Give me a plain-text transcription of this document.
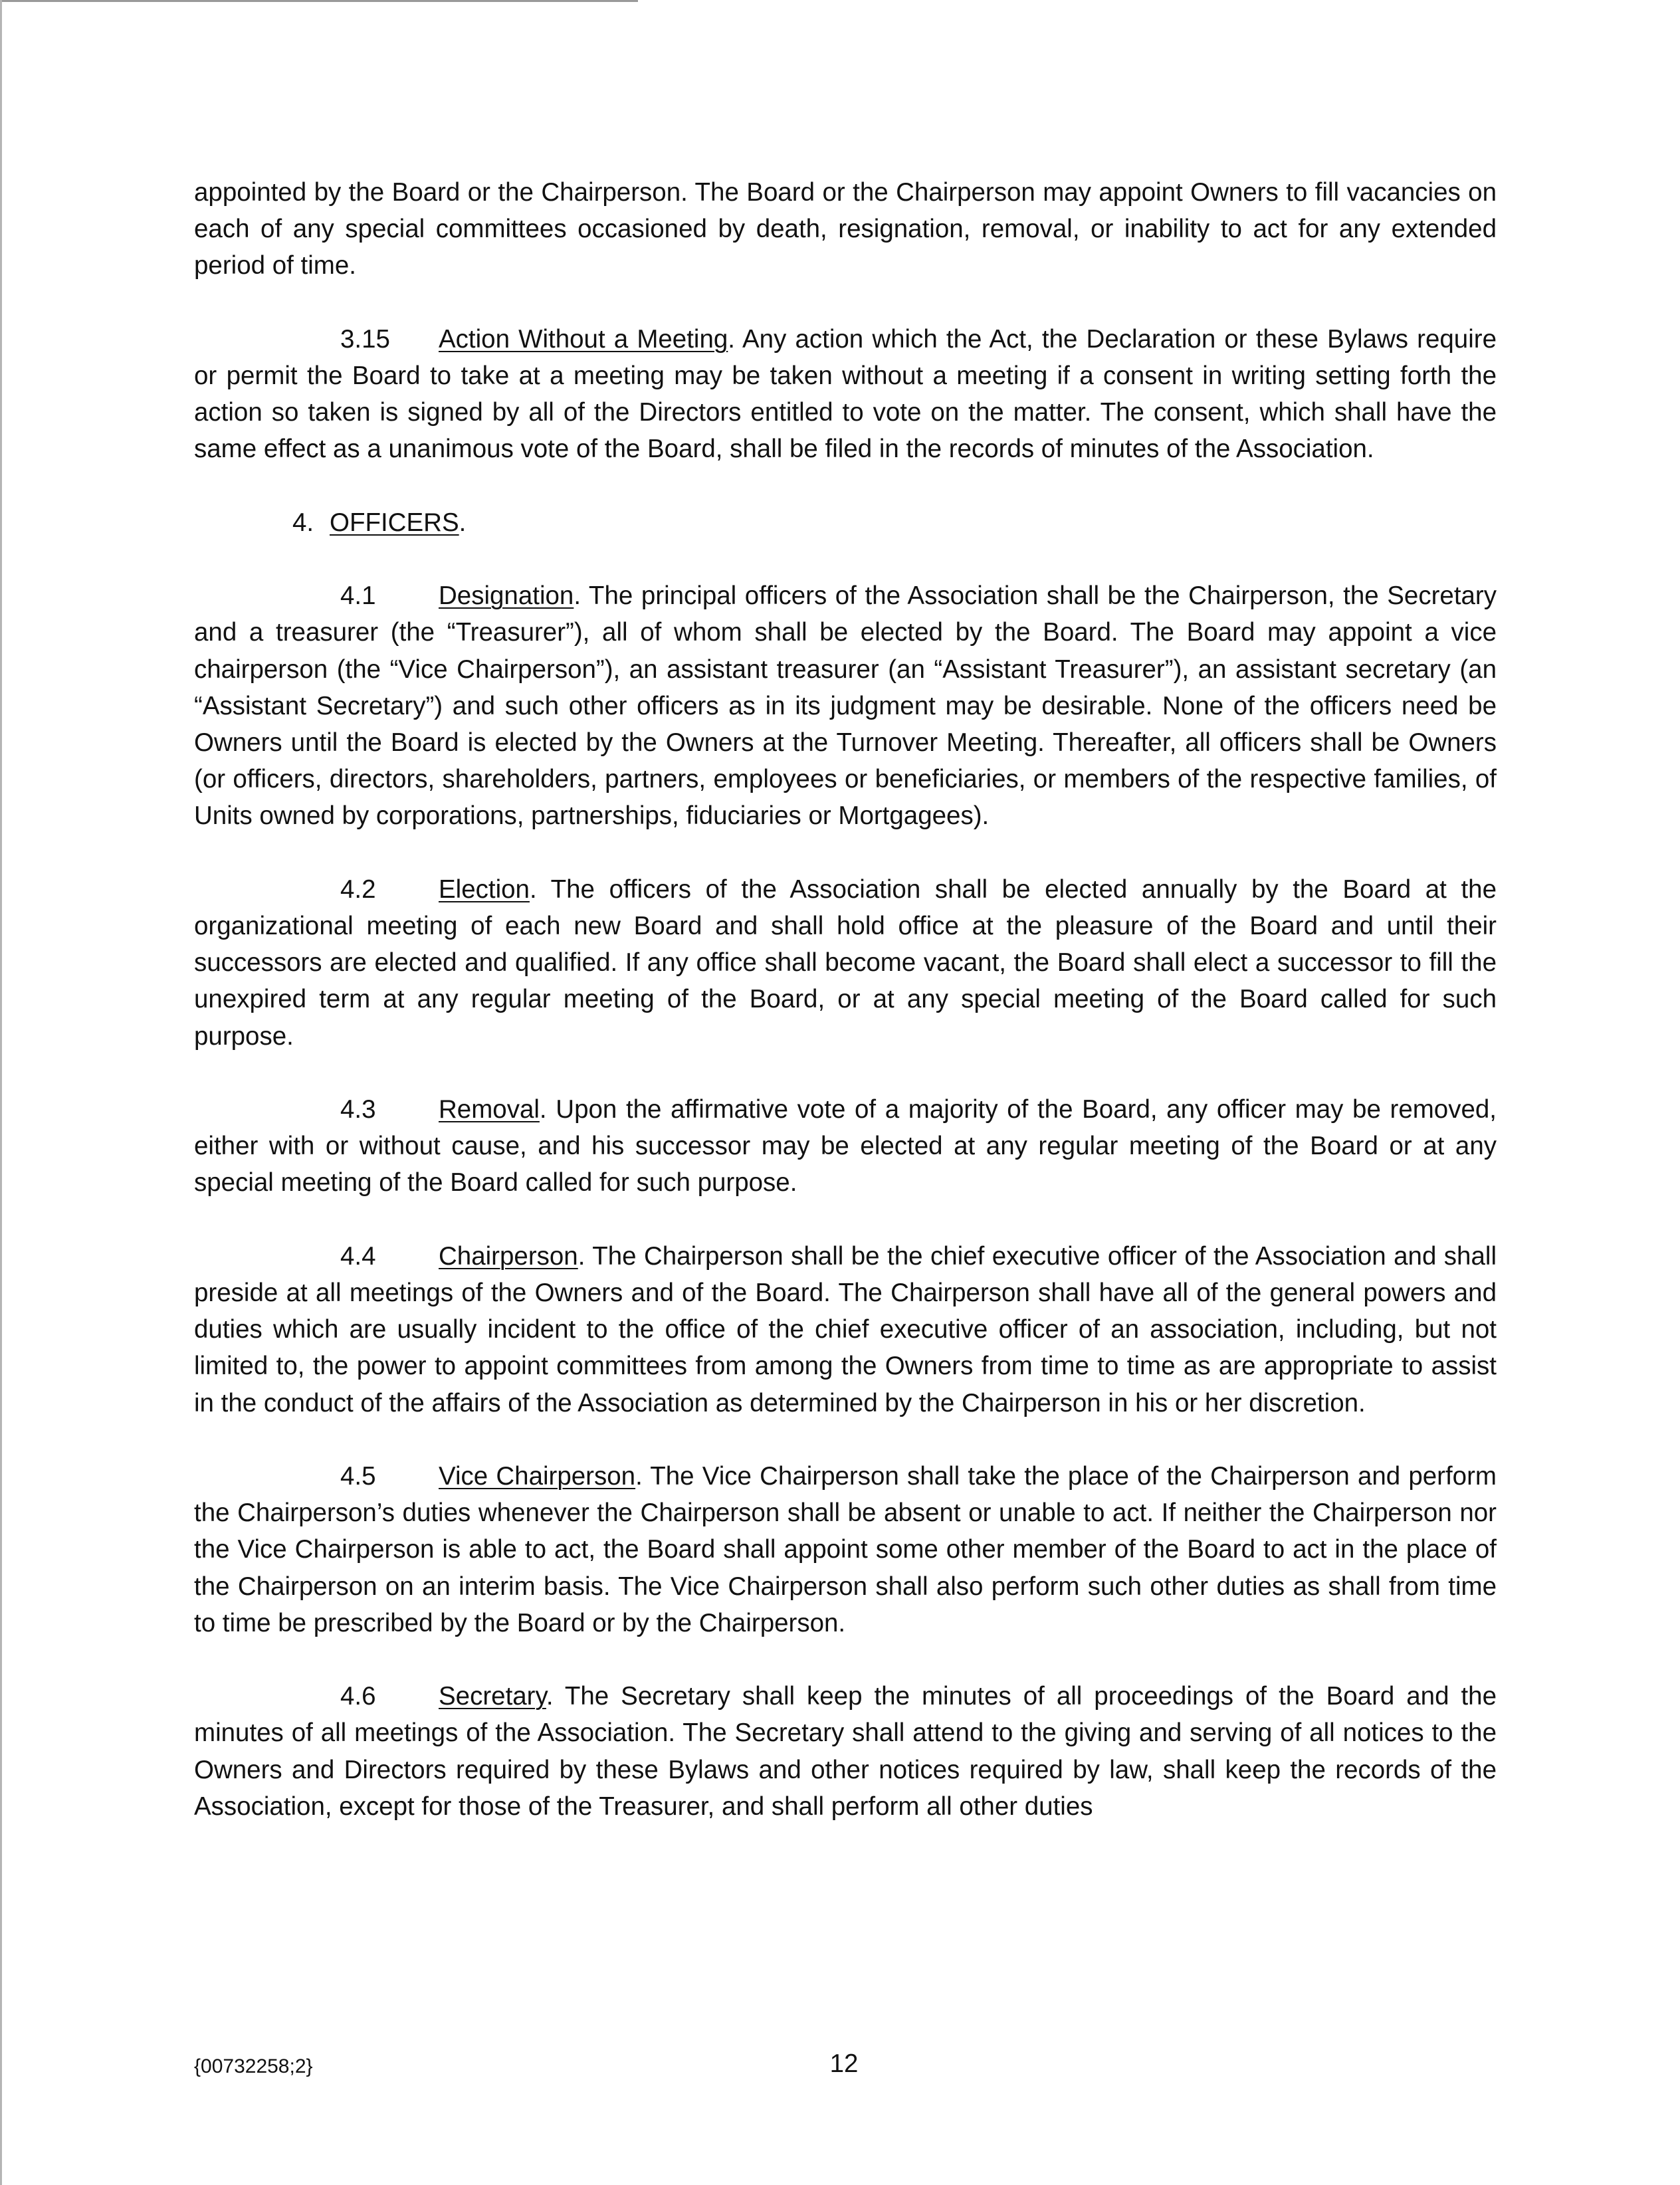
appointed by the Board or the Chairperson. The Board or the Chairperson may appoint Owners to fill vacancies on each of any special committees occasioned by death, resignation, removal, or inability to act for any extended period of time.

3.15 Action Without a Meeting. Any action which the Act, the Declaration or these Bylaws require or permit the Board to take at a meeting may be taken without a meeting if a consent in writing setting forth the action so taken is signed by all of the Directors entitled to vote on the matter. The consent, which shall have the same effect as a unanimous vote of the Board, shall be filed in the records of minutes of the Association.

4. OFFICERS.

4.1 Designation. The principal officers of the Association shall be the Chairperson, the Secretary and a treasurer (the “Treasurer”), all of whom shall be elected by the Board. The Board may appoint a vice chairperson (the “Vice Chairperson”), an assistant treasurer (an “Assistant Treasurer”), an assistant secretary (an “Assistant Secretary”) and such other officers as in its judgment may be desirable. None of the officers need be Owners until the Board is elected by the Owners at the Turnover Meeting. Thereafter, all officers shall be Owners (or officers, directors, shareholders, partners, employees or beneficiaries, or members of the respective families, of Units owned by corporations, partnerships, fiduciaries or Mortgagees).

4.2 Election. The officers of the Association shall be elected annually by the Board at the organizational meeting of each new Board and shall hold office at the pleasure of the Board and until their successors are elected and qualified. If any office shall become vacant, the Board shall elect a successor to fill the unexpired term at any regular meeting of the Board, or at any special meeting of the Board called for such purpose.

4.3 Removal. Upon the affirmative vote of a majority of the Board, any officer may be removed, either with or without cause, and his successor may be elected at any regular meeting of the Board or at any special meeting of the Board called for such purpose.

4.4 Chairperson. The Chairperson shall be the chief executive officer of the Association and shall preside at all meetings of the Owners and of the Board. The Chairperson shall have all of the general powers and duties which are usually incident to the office of the chief executive officer of an association, including, but not limited to, the power to appoint committees from among the Owners from time to time as are appropriate to assist in the conduct of the affairs of the Association as determined by the Chairperson in his or her discretion.

4.5 Vice Chairperson. The Vice Chairperson shall take the place of the Chairperson and perform the Chairperson’s duties whenever the Chairperson shall be absent or unable to act. If neither the Chairperson nor the Vice Chairperson is able to act, the Board shall appoint some other member of the Board to act in the place of the Chairperson on an interim basis. The Vice Chairperson shall also perform such other duties as shall from time to time be prescribed by the Board or by the Chairperson.

4.6 Secretary. The Secretary shall keep the minutes of all proceedings of the Board and the minutes of all meetings of the Association. The Secretary shall attend to the giving and serving of all notices to the Owners and Directors required by these Bylaws and other notices required by law, shall keep the records of the Association, except for those of the Treasurer, and shall perform all other duties

{00732258;2}	12
